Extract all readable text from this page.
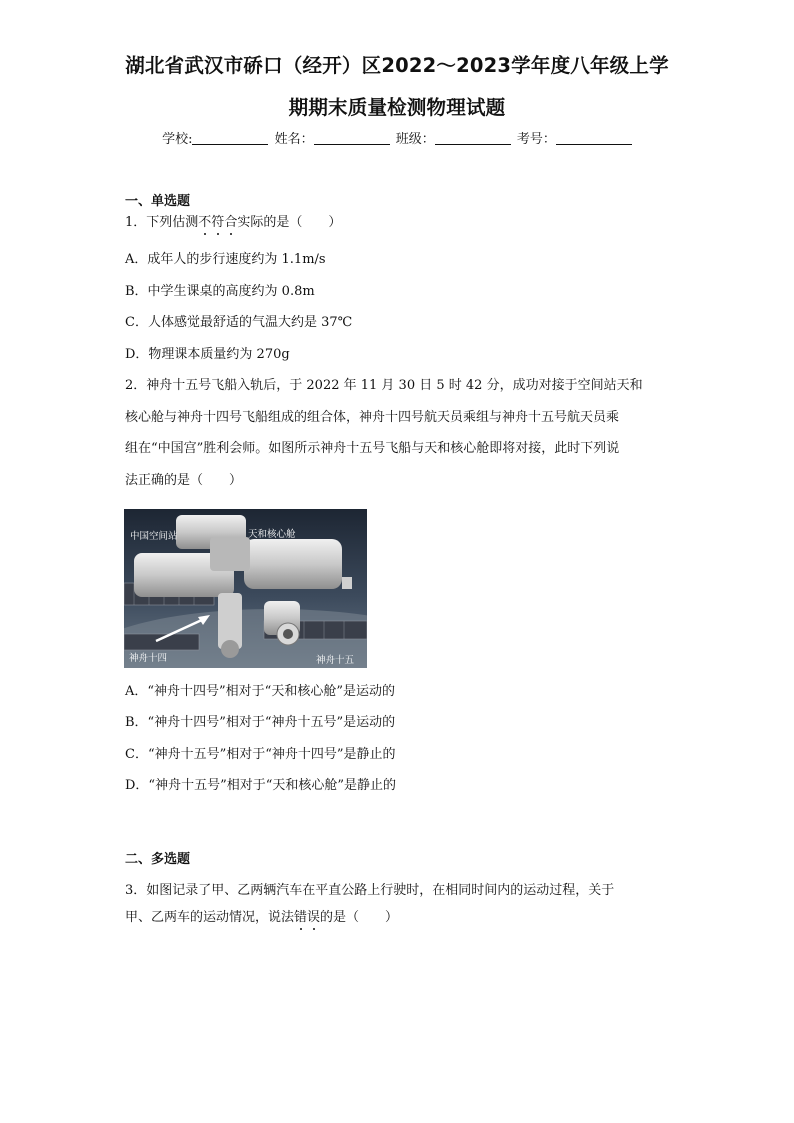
湖北省武汉市硚口（经开）区2022～2023学年度八年级上学
期期末质量检测物理试题
学校:	姓名：	班级：	考号：
一、单选题
1．下列估测不符合实际的是（　　）
A．成年人的步行速度约为 1.1m/s
B．中学生课桌的高度约为 0.8m
C．人体感觉最舒适的气温大约是 37℃
D．物理课本质量约为 270g
2．神舟十五号飞船入轨后，于 2022 年 11 月 30 日 5 时 42 分，成功对接于空间站天和
核心舱与神舟十四号飞船组成的组合体，神舟十四号航天员乘组与神舟十五号航天员乘
组在“中国宫”胜利会师。如图所示神舟十五号飞船与天和核心舱即将对接，此时下列说
法正确的是（　　）
中国空间站	天和核心舱
神舟十四	神舟十五
A．“神舟十四号”相对于“天和核心舱”是运动的
B．“神舟十四号”相对于“神舟十五号”是运动的
C．“神舟十五号”相对于“神舟十四号”是静止的
D．“神舟十五号”相对于“天和核心舱”是静止的
二、多选题
3．如图记录了甲、乙两辆汽车在平直公路上行驶时，在相同时间内的运动过程，关于
甲、乙两车的运动情况，说法错误的是（　　）
